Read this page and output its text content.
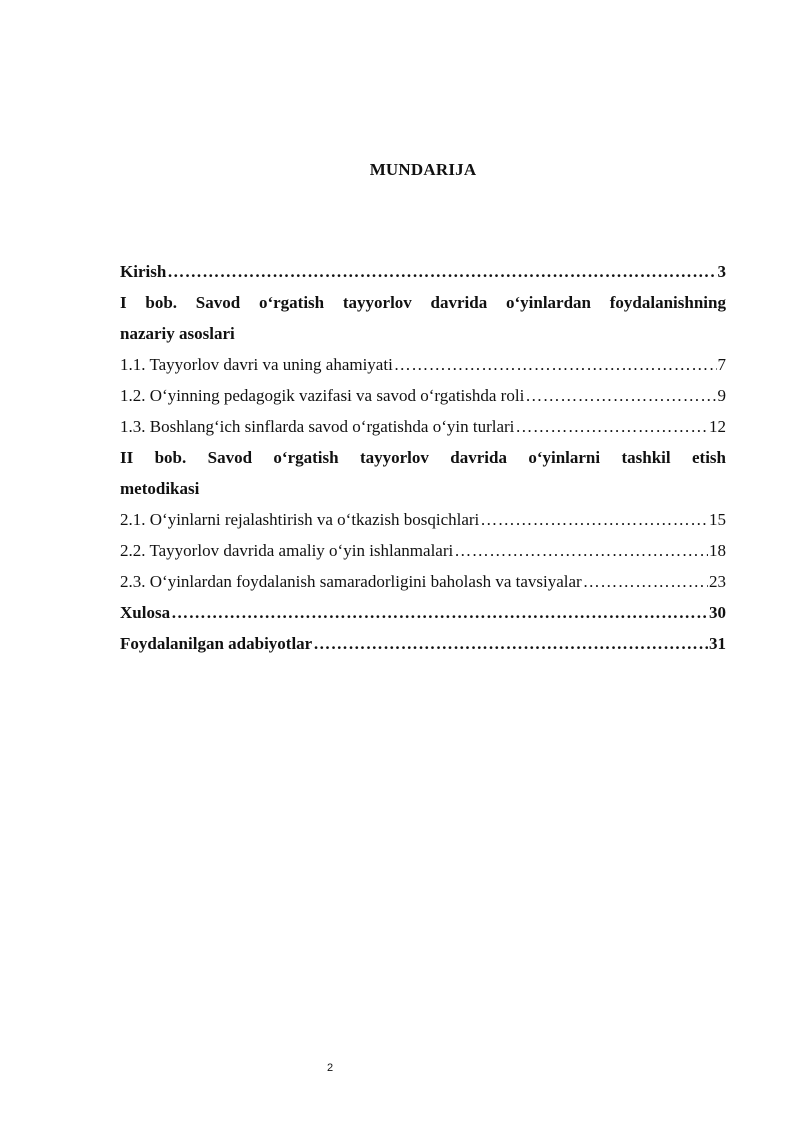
MUNDARIJA
Kirish …………………………………………………………………………………………………………………………………………………………………	3
I bob. Savod o‘rgatish tayyorlov davrida o‘yinlardan foydalanishning
nazariy asoslari
1.1. Tayyorlov davri va uning ahamiyati …………………………………………………………………………………………………………………………………………………………………	7
1.2. O‘yinning pedagogik vazifasi va savod o‘rgatishda roli …………………………………………………………………………………………………………………………………………………………………	9
1.3. Boshlang‘ich sinflarda savod o‘rgatishda o‘yin turlari …………………………………………………………………………………………………………………………………………………………………	12
II bob. Savod o‘rgatish tayyorlov davrida o‘yinlarni tashkil etish
metodikasi
2.1. O‘yinlarni rejalashtirish va o‘tkazish bosqichlari …………………………………………………………………………………………………………………………………………………………………	15
2.2. Tayyorlov davrida amaliy o‘yin ishlanmalari …………………………………………………………………………………………………………………………………………………………………	18
2.3. O‘yinlardan foydalanish samaradorligini baholash va tavsiyalar …………………………………………………………………………………………………………………………………………………………………	23
Xulosa …………………………………………………………………………………………………………………………………………………………………	30
Foydalanilgan adabiyotlar …………………………………………………………………………………………………………………………………………………………………	31
2
